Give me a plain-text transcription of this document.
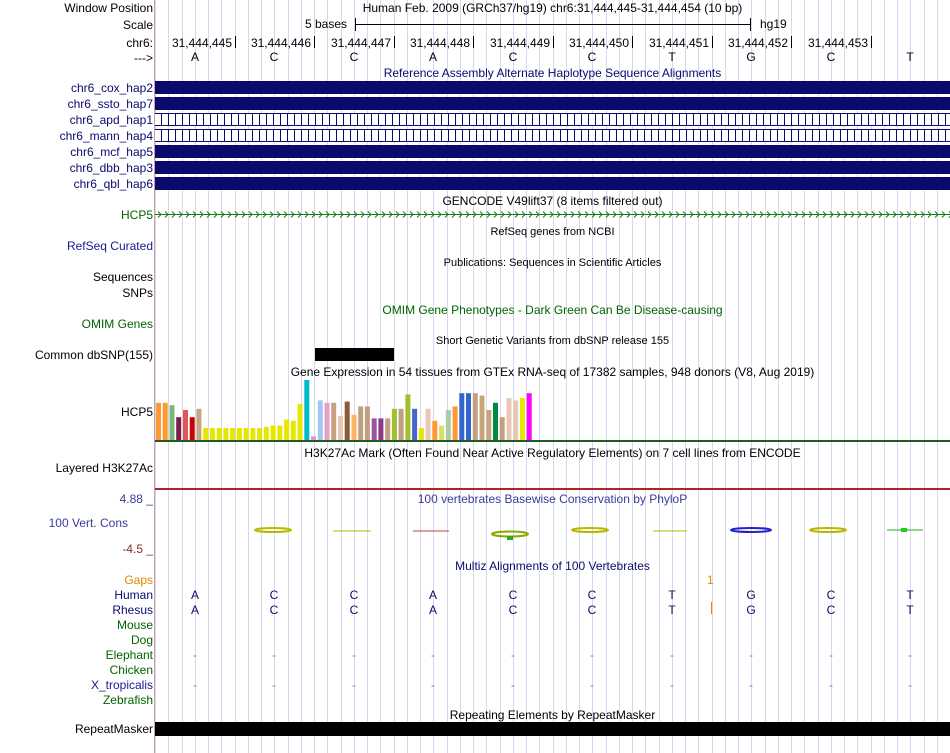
Window Position
Scale
chr6:
--->
Human Feb. 2009 (GRCh37/hg19) chr6:31,444,445-31,444,454 (10 bp)
5 bases	hg19
31,444,445 31,444,446 31,444,447 31,444,448 31,444,449 31,444,450 31,444,451 31,444,452 31,444,453
A	C	C	A	C	C	T	G	C	T
Reference Assembly Alternate Haplotype Sequence Alignments
chr6_cox_hap2
chr6_ssto_hap7
chr6_apd_hap1
chr6_mann_hap4
chr6_mcf_hap5
chr6_dbb_hap3
chr6_qbl_hap6
GENCODE V49lift37 (8 items filtered out)
HCP5
RefSeq Curated
RefSeq genes from NCBI
Publications: Sequences in Scientific Articles
Sequences
SNPs
OMIM Gene Phenotypes - Dark Green Can Be Disease-causing
OMIM Genes
Short Genetic Variants from dbSNP release 155
Common dbSNP(155)
Gene Expression in 54 tissues from GTEx RNA-seq of 17382 samples, 948 donors (V8, Aug 2019)
HCP5
H3K27Ac Mark (Often Found Near Active Regulatory Elements) on 7 cell lines from ENCODE
Layered H3K27Ac
4.88 _	100 vertebrates Basewise Conservation by PhyloP
100 Vert. Cons
-4.5 _
Multiz Alignments of 100 Vertebrates
Gaps	1
Human	A	C	C	A	C	C	T	G	C	T
Rhesus	A	C	C	A	C	C	T	G	C	T
Mouse
Dog
Elephant	-	-	-	-	-	-	-	-	-	-
Chicken
X_tropicalis	-	-	-	-	-	-	-	-	-	-
Zebrafish
Repeating Elements by RepeatMasker
RepeatMasker
